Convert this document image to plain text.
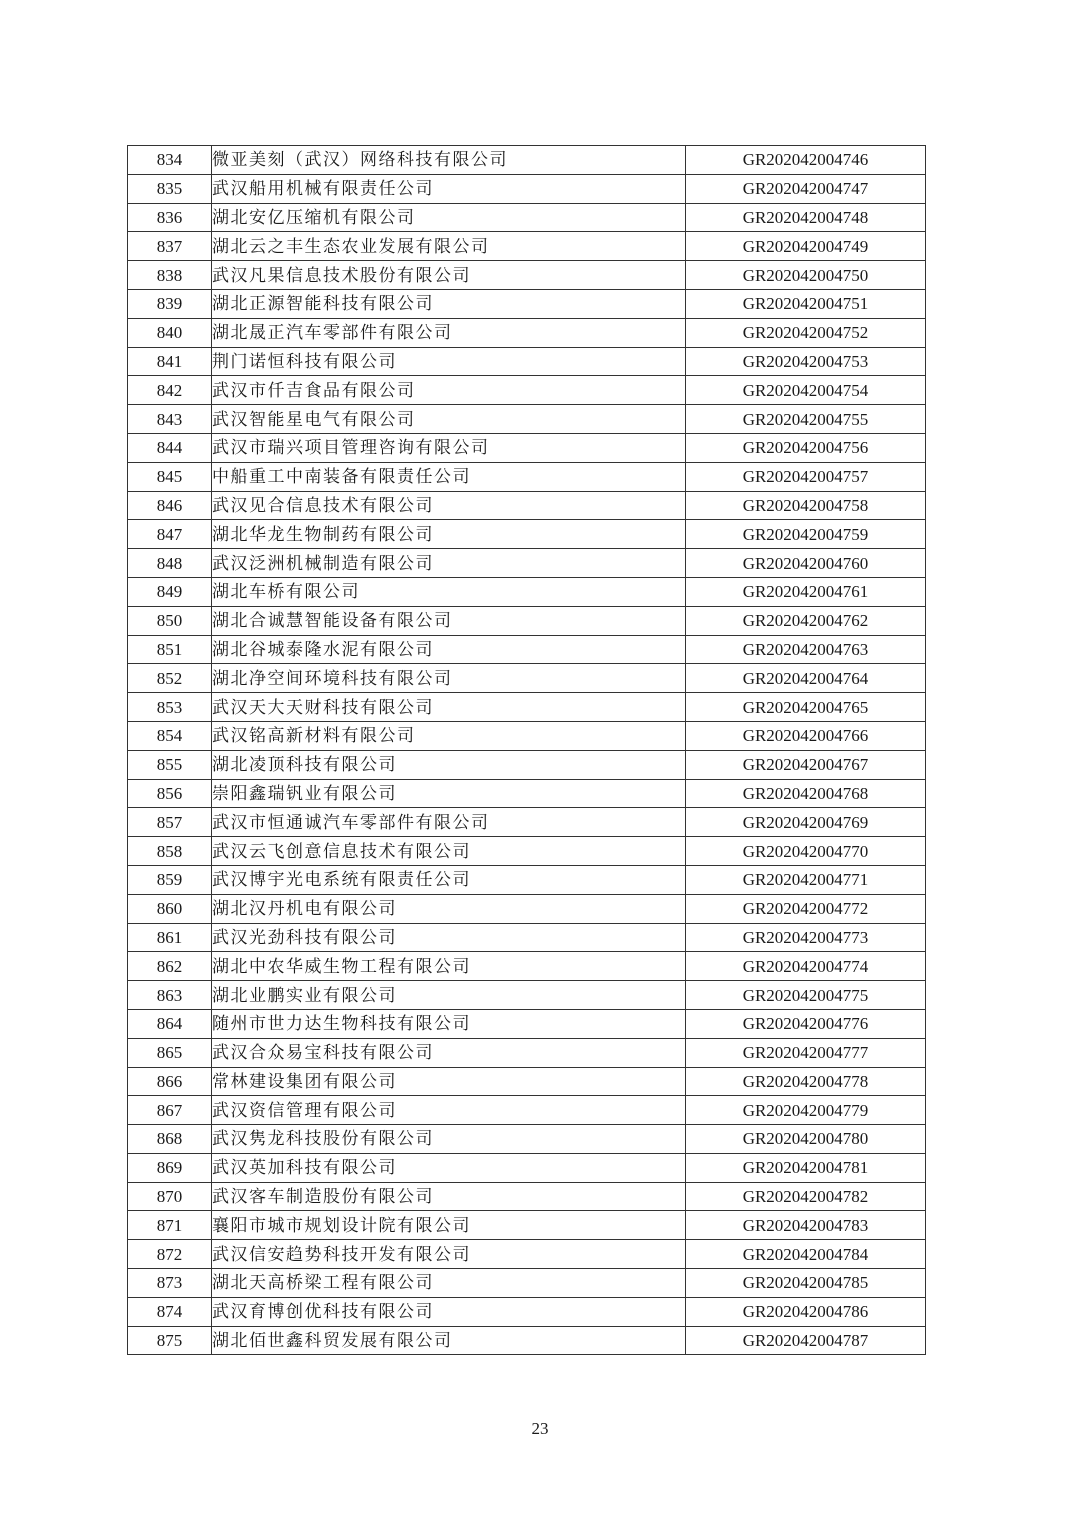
834	微亚美刻（武汉）网络科技有限公司	GR202042004746
835	武汉船用机械有限责任公司	GR202042004747
836	湖北安亿压缩机有限公司	GR202042004748
837	湖北云之丰生态农业发展有限公司	GR202042004749
838	武汉凡果信息技术股份有限公司	GR202042004750
839	湖北正源智能科技有限公司	GR202042004751
840	湖北晟正汽车零部件有限公司	GR202042004752
841	荆门诺恒科技有限公司	GR202042004753
842	武汉市仟吉食品有限公司	GR202042004754
843	武汉智能星电气有限公司	GR202042004755
844	武汉市瑞兴项目管理咨询有限公司	GR202042004756
845	中船重工中南装备有限责任公司	GR202042004757
846	武汉见合信息技术有限公司	GR202042004758
847	湖北华龙生物制药有限公司	GR202042004759
848	武汉泛洲机械制造有限公司	GR202042004760
849	湖北车桥有限公司	GR202042004761
850	湖北合诚慧智能设备有限公司	GR202042004762
851	湖北谷城泰隆水泥有限公司	GR202042004763
852	湖北净空间环境科技有限公司	GR202042004764
853	武汉天大天财科技有限公司	GR202042004765
854	武汉铭高新材料有限公司	GR202042004766
855	湖北凌顶科技有限公司	GR202042004767
856	崇阳鑫瑞钒业有限公司	GR202042004768
857	武汉市恒通诚汽车零部件有限公司	GR202042004769
858	武汉云飞创意信息技术有限公司	GR202042004770
859	武汉博宇光电系统有限责任公司	GR202042004771
860	湖北汉丹机电有限公司	GR202042004772
861	武汉光劲科技有限公司	GR202042004773
862	湖北中农华威生物工程有限公司	GR202042004774
863	湖北业鹏实业有限公司	GR202042004775
864	随州市世力达生物科技有限公司	GR202042004776
865	武汉合众易宝科技有限公司	GR202042004777
866	常林建设集团有限公司	GR202042004778
867	武汉资信管理有限公司	GR202042004779
868	武汉隽龙科技股份有限公司	GR202042004780
869	武汉英加科技有限公司	GR202042004781
870	武汉客车制造股份有限公司	GR202042004782
871	襄阳市城市规划设计院有限公司	GR202042004783
872	武汉信安趋势科技开发有限公司	GR202042004784
873	湖北天高桥梁工程有限公司	GR202042004785
874	武汉育博创优科技有限公司	GR202042004786
875	湖北佰世鑫科贸发展有限公司	GR202042004787
23
